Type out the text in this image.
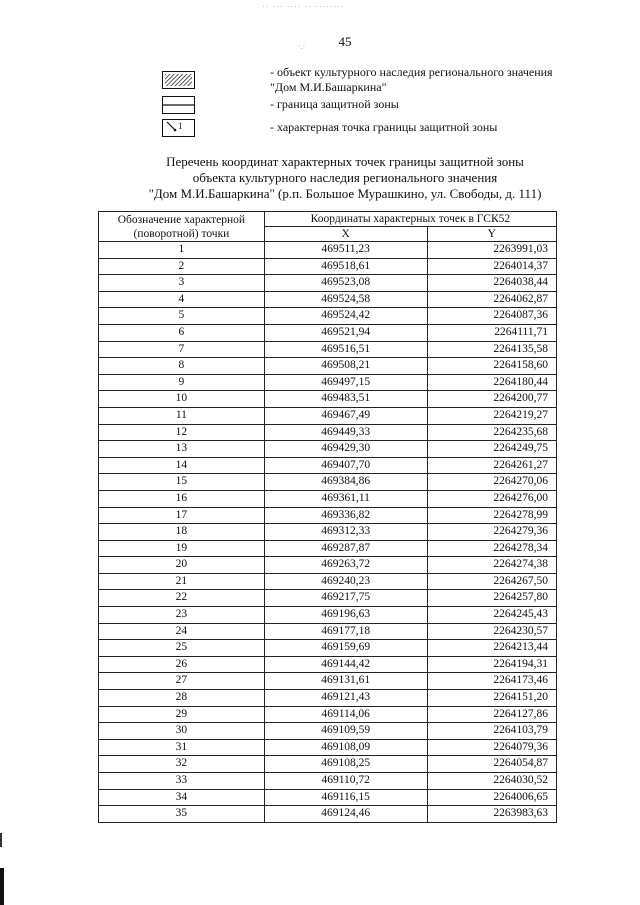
·· ··· ···· ·· ········
45
·.·
- объект культурного наследия регионального значения "Дом М.И.Башаркина"
- граница защитной зоны
1	- характерная точка границы защитной зоны
Перечень координат характерных точек границы защитной зоны
объекта культурного наследия регионального значения
"Дом М.И.Башаркина" (р.п. Большое Мурашкино, ул. Свободы, д. 111)
Обозначение характерной (поворотной) точки	Координаты характерных точек в ГСК52	
	X	Y
1	469511,23	2263991,03
2	469518,61	2264014,37
3	469523,08	2264038,44
4	469524,58	2264062,87
5	469524,42	2264087,36
6	469521,94	2264111,71
7	469516,51	2264135,58
8	469508,21	2264158,60
9	469497,15	2264180,44
10	469483,51	2264200,77
11	469467,49	2264219,27
12	469449,33	2264235,68
13	469429,30	2264249,75
14	469407,70	2264261,27
15	469384,86	2264270,06
16	469361,11	2264276,00
17	469336,82	2264278,99
18	469312,33	2264279,36
19	469287,87	2264278,34
20	469263,72	2264274,38
21	469240,23	2264267,50
22	469217,75	2264257,80
23	469196,63	2264245,43
24	469177,18	2264230,57
25	469159,69	2264213,44
26	469144,42	2264194,31
27	469131,61	2264173,46
28	469121,43	2264151,20
29	469114,06	2264127,86
30	469109,59	2264103,79
31	469108,09	2264079,36
32	469108,25	2264054,87
33	469110,72	2264030,52
34	469116,15	2264006,65
35	469124,46	2263983,63
